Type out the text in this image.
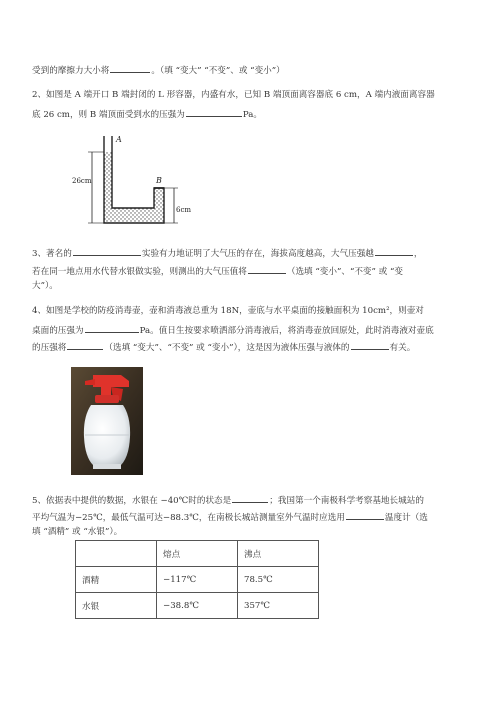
受到的摩擦力大小将	。（填 “变大” “不变”、或 “变小”）
2、如图是 A 端开口 B 端封闭的 L 形容器，内盛有水，已知 B 端顶面离容器底 6 cm，A 端内液面离容器
底 26 cm，则 B 端顶面受到水的压强为	Pa。
A
B
26cm
6cm
3、著名的	实验有力地证明了大气压的存在，海拔高度越高，大气压强越	，
若在同一地点用水代替水银做实验，则测出的大气压值将	（选填 “变小”、“不变” 或 “变
大”）。
4、如图是学校的防疫消毒壶，壶和消毒液总重为 18N，壶底与水平桌面的接触面积为 10cm²，则壶对
桌面的压强为	Pa。值日生按要求喷洒部分消毒液后，将消毒壶放回原处，此时消毒液对壶底
的压强将	（选填 “变大”、“不变” 或 “变小”），这是因为液体压强与液体的	有关。
5、依据表中提供的数据，水银在 −40℃时的状态是	；我国第一个南极科学考察基地长城站的
平均气温为−25℃，最低气温可达−88.3℃，在南极长城站测量室外气温时应选用	温度计（选
填 “酒精” 或 “水银”）。
	熔点	沸点
酒精	−117℃	78.5℃
水银	−38.8℃	357℃
